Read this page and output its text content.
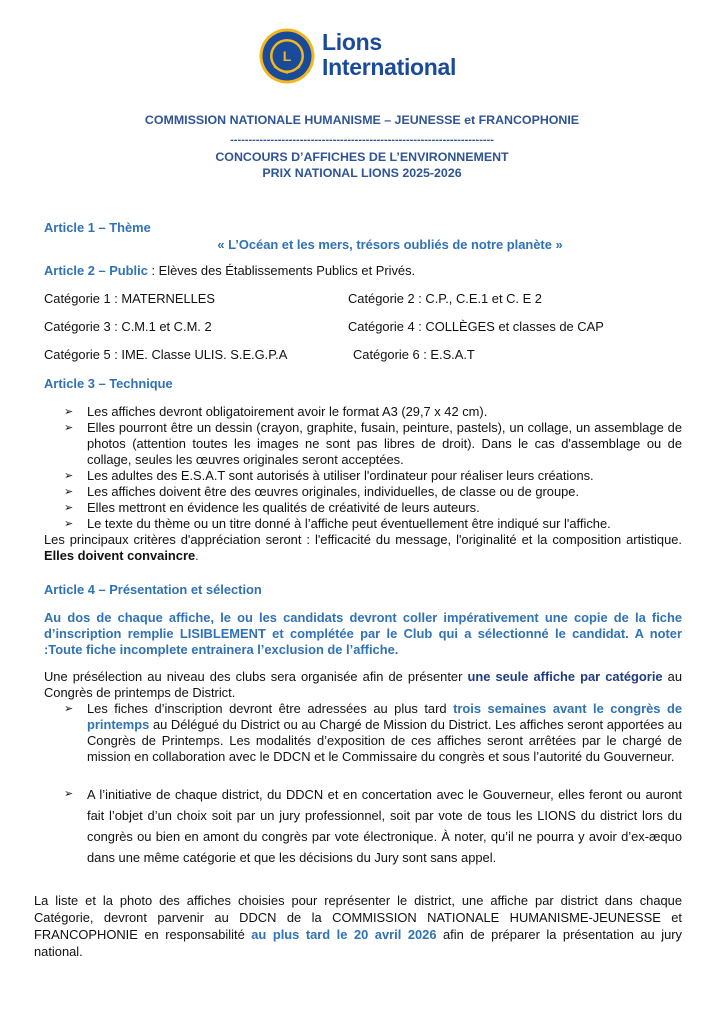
L
Lions
International
COMMISSION NATIONALE HUMANISME – JEUNESSE et FRANCOPHONIE
------------------------------------------------------------------------
CONCOURS D’AFFICHES DE L’ENVIRONNEMENT
PRIX NATIONAL LIONS 2025-2026
Article 1 – Thème
« L’Océan et les mers, trésors oubliés de notre planète »
Article 2 – Public : Elèves des Établissements Publics et Privés.
Catégorie 1 : MATERNELLES	Catégorie 2 : C.P., C.E.1 et C. E 2
Catégorie 3 : C.M.1 et C.M. 2	Catégorie 4 : COLLÈGES et classes de CAP
Catégorie 5 : IME. Classe ULIS. S.E.G.P.A	Catégorie 6 : E.S.A.T
Article 3 – Technique
➢ Les affiches devront obligatoirement avoir le format A3 (29,7 x 42 cm).
➢ Elles pourront être un dessin (crayon, graphite, fusain, peinture, pastels), un collage, un assemblage de photos (attention toutes les images ne sont pas libres de droit). Dans le cas d'assemblage ou de collage, seules les œuvres originales seront acceptées.
➢ Les adultes des E.S.A.T sont autorisés à utiliser l'ordinateur pour réaliser leurs créations.
➢ Les affiches doivent être des œuvres originales, individuelles, de classe ou de groupe.
➢ Elles mettront en évidence les qualités de créativité de leurs auteurs.
➢ Le texte du thème ou un titre donné à l’affiche peut éventuellement être indiqué sur l'affiche.
Les principaux critères d'appréciation seront : l'efficacité du message, l'originalité et la composition artistique. Elles doivent convaincre.
Article 4 – Présentation et sélection
Au dos de chaque affiche, le ou les candidats devront coller impérativement une copie de la fiche d’inscription remplie LISIBLEMENT et complétée par le Club qui a sélectionné le candidat. A noter :Toute fiche incomplete entrainera l’exclusion de l’affiche.
Une présélection au niveau des clubs sera organisée afin de présenter une seule affiche par catégorie au Congrès de printemps de District.
➢ Les fiches d’inscription devront être adressées au plus tard trois semaines avant le congrès de printemps au Délégué du District ou au Chargé de Mission du District. Les affiches seront apportées au Congrès de Printemps. Les modalités d’exposition de ces affiches seront arrêtées par le chargé de mission en collaboration avec le DDCN et le Commissaire du congrès et sous l’autorité du Gouverneur.
➢ A l’initiative de chaque district, du DDCN et en concertation avec le Gouverneur, elles feront ou auront fait l’objet d’un choix soit par un jury professionnel, soit par vote de tous les LIONS du district lors du congrès ou bien en amont du congrès par vote électronique. À noter, qu’il ne pourra y avoir d’ex-æquo dans une même catégorie et que les décisions du Jury sont sans appel.
La liste et la photo des affiches choisies pour représenter le district, une affiche par district dans chaque Catégorie, devront parvenir au DDCN de la COMMISSION NATIONALE HUMANISME-JEUNESSE et FRANCOPHONIE en responsabilité au plus tard le 20 avril 2026 afin de préparer la présentation au jury national.
